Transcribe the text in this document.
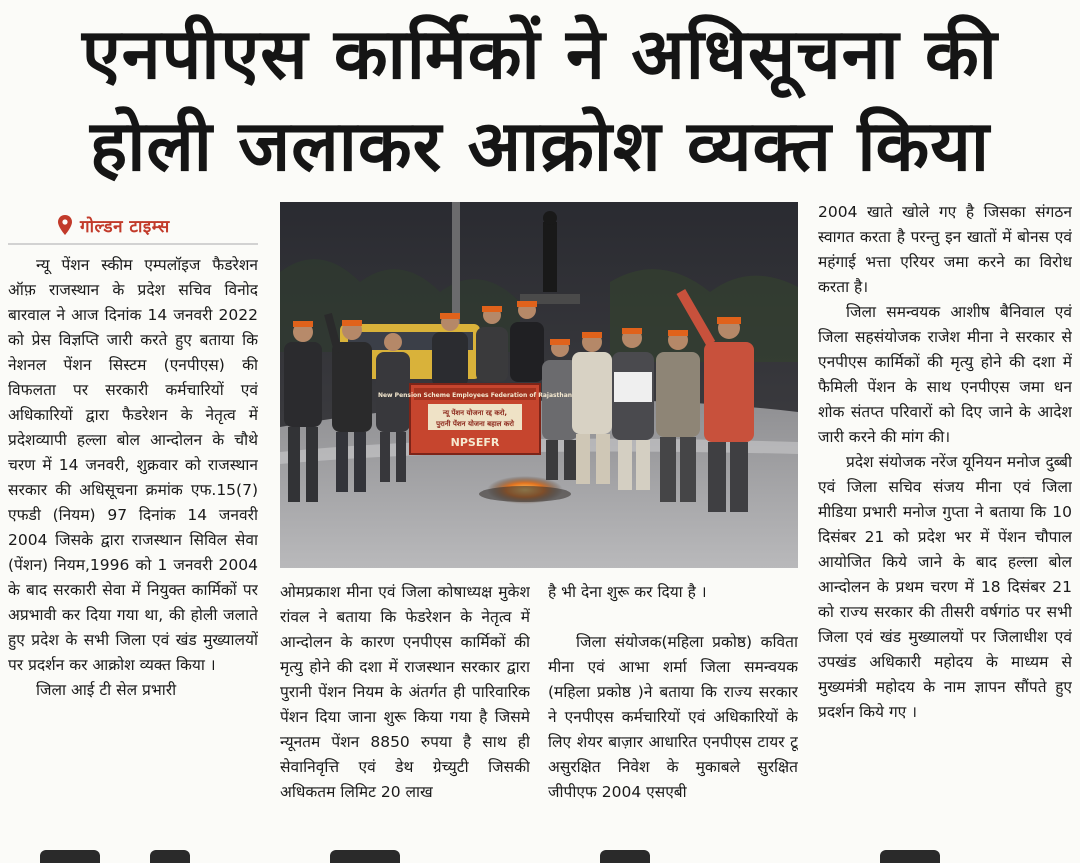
एनपीएस कार्मिकों ने अधिसूचना की
होली जलाकर आक्रोश व्यक्त किया
गोल्डन टाइम्स

न्यू पेंशन स्कीम एम्पलॉइज फैडरेशन ऑफ़ राजस्थान के प्रदेश सचिव विनोद बारवाल ने आज दिनांक 14 जनवरी 2022 को प्रेस विज्ञप्ति जारी करते हुए बताया कि नेशनल पेंशन सिस्टम (एनपीएस) की विफलता पर सरकारी कर्मचारियों एवं अधिकारियों द्वारा फैडरेशन के नेतृत्व में प्रदेशव्यापी हल्ला बोल आन्दोलन के चौथे चरण में 14 जनवरी, शुक्रवार को राजस्थान सरकार की अधिसूचना क्रमांक एफ.15(7) एफडी (नियम) 97 दिनांक 14 जनवरी 2004 जिसके द्वारा राजस्थान सिविल सेवा (पेंशन) नियम,1996 को 1 जनवरी 2004 के बाद सरकारी सेवा में नियुक्त कार्मिकों पर अप्रभावी कर दिया गया था, की होली जलाते हुए प्रदेश के सभी जिला एवं खंड मुख्यालयों पर प्रदर्शन कर आक्रोश व्यक्त किया ।

जिला आई टी सेल प्रभारी

New Pension Scheme Employees Federation of Rajasthan
न्यू पेंशन योजना रद्द करो,
पुरानी पेंशन योजना बहाल करो
NPSEFR

ओमप्रकाश मीना एवं जिला कोषाध्यक्ष मुकेश रांवल ने बताया कि फेडरेशन के नेतृत्व में आन्दोलन के कारण एनपीएस कार्मिकों की मृत्यु होने की दशा में राजस्थान सरकार द्वारा पुरानी पेंशन नियम के अंतर्गत ही पारिवारिक पेंशन दिया जाना शुरू किया गया है जिसमे न्यूनतम पेंशन 8850 रुपया है साथ ही सेवानिवृत्ति एवं डेथ ग्रेच्युटी जिसकी अधिकतम लिमिट 20 लाख

है भी देना शुरू कर दिया है ।

जिला संयोजक(महिला प्रकोष्ठ) कविता मीना एवं आभा शर्मा जिला समन्वयक (महिला प्रकोष्ठ )ने बताया कि राज्य सरकार ने एनपीएस कर्मचारियों एवं अधिकारियों के लिए शेयर बाज़ार आधारित एनपीएस टायर टू असुरक्षित निवेश के मुकाबले सुरक्षित जीपीएफ 2004 एसएबी

2004 खाते खोले गए है जिसका संगठन स्वागत करता है परन्तु इन खातों में बोनस एवं महंगाई भत्ता एरियर जमा करने का विरोध करता है।

जिला समन्वयक आशीष बैनिवाल एवं जिला सहसंयोजक राजेश मीना ने सरकार से एनपीएस कार्मिकों की मृत्यु होने की दशा में फैमिली पेंशन के साथ एनपीएस जमा धन शोक संतप्त परिवारों को दिए जाने के आदेश जारी करने की मांग की।

प्रदेश संयोजक नरेंज यूनियन मनोज दुब्बी एवं जिला सचिव संजय मीना एवं जिला मीडिया प्रभारी मनोज गुप्ता ने बताया कि 10 दिसंबर 21 को प्रदेश भर में पेंशन चौपाल आयोजित किये जाने के बाद हल्ला बोल आन्दोलन के प्रथम चरण में 18 दिसंबर 21 को राज्य सरकार की तीसरी वर्षगांठ पर सभी जिला एवं खंड मुख्यालयों पर जिलाधीश एवं उपखंड अधिकारी महोदय के माध्यम से मुख्यमंत्री महोदय के नाम ज्ञापन सौंपते हुए प्रदर्शन किये गए ।
